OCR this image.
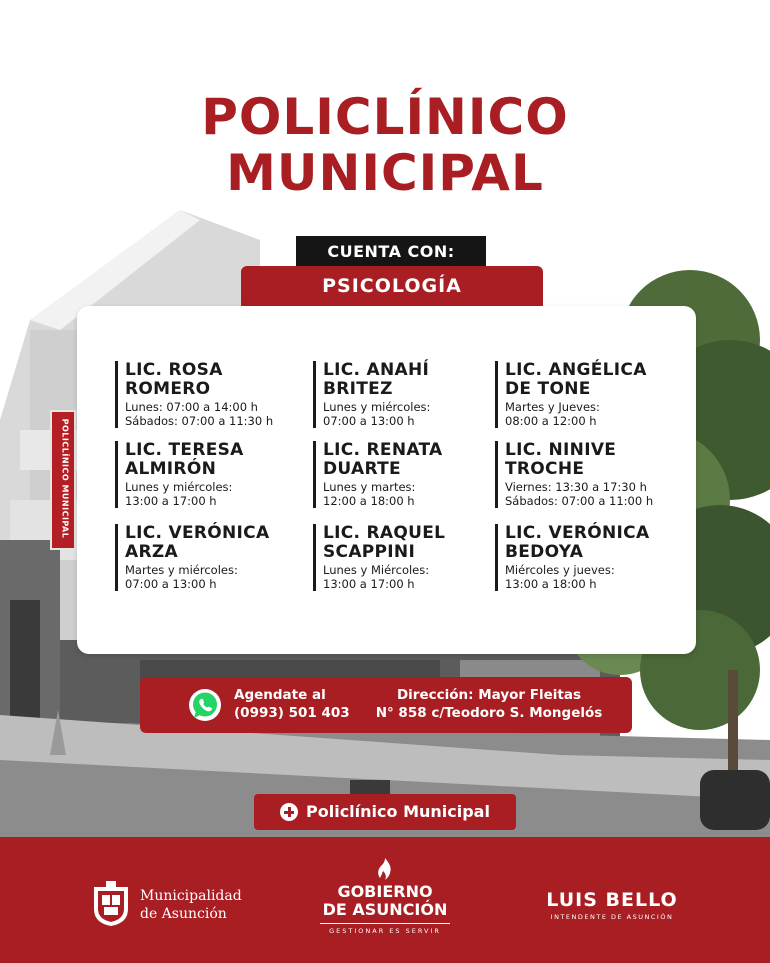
POLICLÍNICO MUNICIPAL
POLICLÍNICO
MUNICIPAL
CUENTA CON:
PSICOLOGÍA
LIC. ROSA
ROMERO
Lunes: 07:00 a 14:00 h
Sábados: 07:00 a 11:30 h
LIC. ANAHÍ
BRITEZ
Lunes y miércoles:
07:00 a 13:00 h
LIC. ANGÉLICA
DE TONE
Martes y Jueves:
08:00 a 12:00 h
LIC. TERESA
ALMIRÓN
Lunes y miércoles:
13:00 a 17:00 h
LIC. RENATA
DUARTE
Lunes y martes:
12:00 a 18:00 h
LIC. NINIVE
TROCHE
Viernes: 13:30 a 17:30 h
Sábados: 07:00 a 11:00 h
LIC. VERÓNICA
ARZA
Martes y miércoles:
07:00 a 13:00 h
LIC. RAQUEL
SCAPPINI
Lunes y Miércoles:
13:00 a 17:00 h
LIC. VERÓNICA
BEDOYA
Miércoles y jueves:
13:00 a 18:00 h
Agendate al
(0993) 501 403
Dirección: Mayor Fleitas
N° 858 c/Teodoro S. Mongelós
Policlínico Municipal
Municipalidad
de Asunción
GOBIERNO
DE ASUNCIÓN
GESTIONAR ES SERVIR
LUIS BELLO
INTENDENTE DE ASUNCIÓN
